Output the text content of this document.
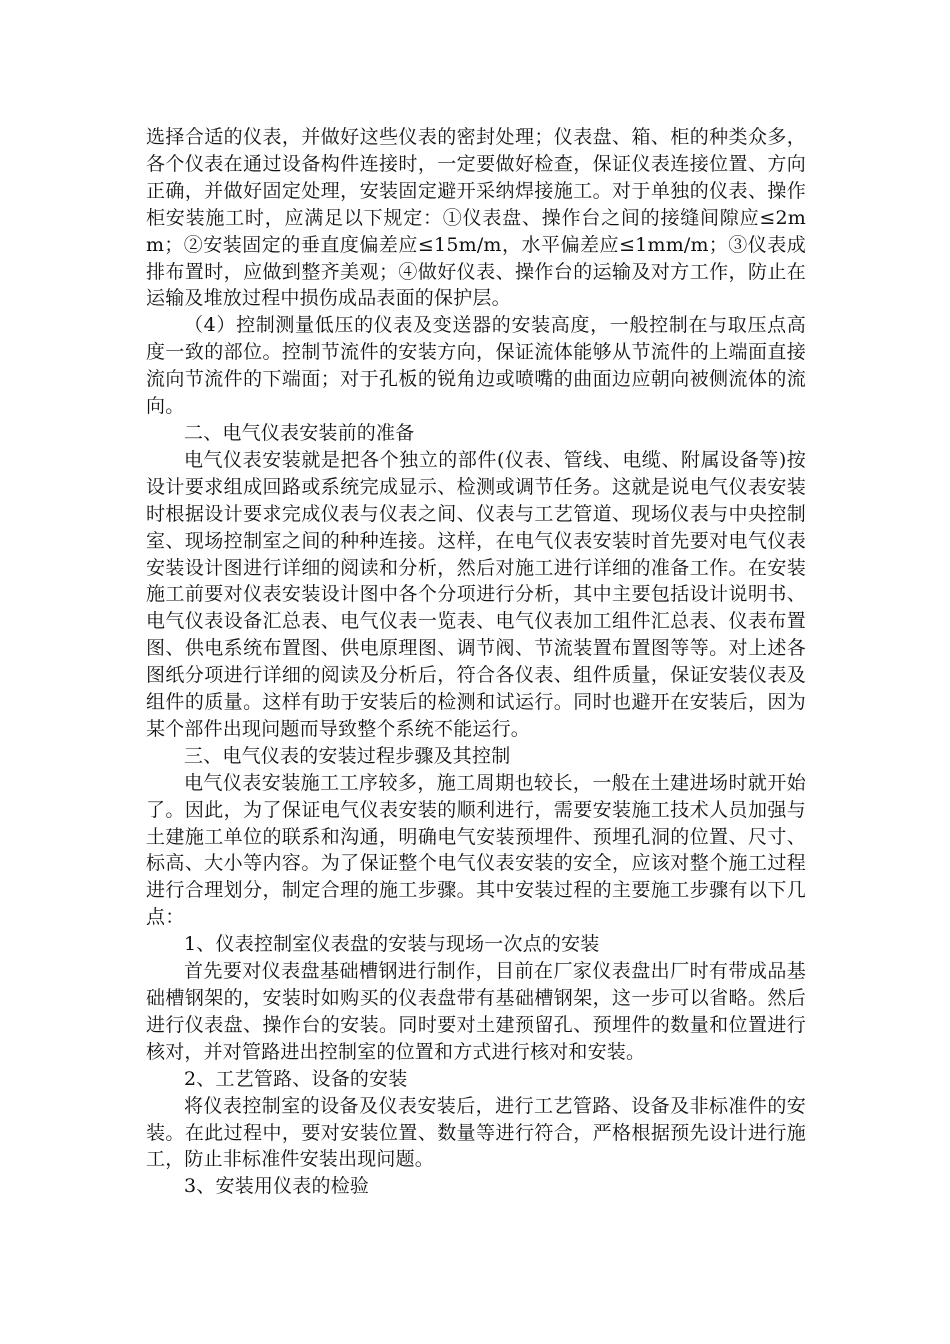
选择合适的仪表，并做好这些仪表的密封处理；仪表盘、箱、柜的种类众多，各个仪表在通过设备构件连接时，一定要做好检查，保证仪表连接位置、方向正确，并做好固定处理，安装固定避开采纳焊接施工。对于单独的仪表、操作柜安装施工时，应满足以下规定：①仪表盘、操作台之间的接缝间隙应≤2mm；②安装固定的垂直度偏差应≤15m/m，水平偏差应≤1mm/m；③仪表成排布置时，应做到整齐美观；④做好仪表、操作台的运输及对方工作，防止在运输及堆放过程中损伤成品表面的保护层。

（4）控制测量低压的仪表及变送器的安装高度，一般控制在与取压点高度一致的部位。控制节流件的安装方向，保证流体能够从节流件的上端面直接流向节流件的下端面；对于孔板的锐角边或喷嘴的曲面边应朝向被侧流体的流向。

二、电气仪表安装前的准备

电气仪表安装就是把各个独立的部件(仪表、管线、电缆、附属设备等)按设计要求组成回路或系统完成显示、检测或调节任务。这就是说电气仪表安装时根据设计要求完成仪表与仪表之间、仪表与工艺管道、现场仪表与中央控制室、现场控制室之间的种种连接。这样，在电气仪表安装时首先要对电气仪表安装设计图进行详细的阅读和分析，然后对施工进行详细的准备工作。在安装施工前要对仪表安装设计图中各个分项进行分析，其中主要包括设计说明书、电气仪表设备汇总表、电气仪表一览表、电气仪表加工组件汇总表、仪表布置图、供电系统布置图、供电原理图、调节阀、节流装置布置图等等。对上述各图纸分项进行详细的阅读及分析后，符合各仪表、组件质量，保证安装仪表及组件的质量。这样有助于安装后的检测和试运行。同时也避开在安装后，因为某个部件出现问题而导致整个系统不能运行。

三、电气仪表的安装过程步骤及其控制

电气仪表安装施工工序较多，施工周期也较长，一般在土建进场时就开始了。因此，为了保证电气仪表安装的顺利进行，需要安装施工技术人员加强与土建施工单位的联系和沟通，明确电气安装预埋件、预埋孔洞的位置、尺寸、标高、大小等内容。为了保证整个电气仪表安装的安全，应该对整个施工过程进行合理划分，制定合理的施工步骤。其中安装过程的主要施工步骤有以下几点：

1、仪表控制室仪表盘的安装与现场一次点的安装

首先要对仪表盘基础槽钢进行制作，目前在厂家仪表盘出厂时有带成品基础槽钢架的，安装时如购买的仪表盘带有基础槽钢架，这一步可以省略。然后进行仪表盘、操作台的安装。同时要对土建预留孔、预埋件的数量和位置进行核对，并对管路进出控制室的位置和方式进行核对和安装。

2、工艺管路、设备的安装

将仪表控制室的设备及仪表安装后，进行工艺管路、设备及非标准件的安装。在此过程中，要对安装位置、数量等进行符合，严格根据预先设计进行施工，防止非标准件安装出现问题。

3、安装用仪表的检验
